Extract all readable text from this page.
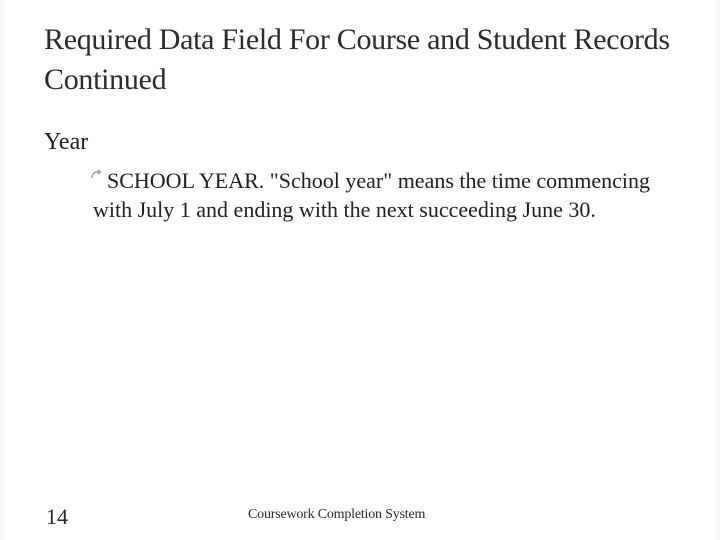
Required Data Field For Course and Student Records Continued
Year
SCHOOL YEAR. "School year" means the time commencing with July 1 and ending with the next succeeding June 30.
14	Coursework Completion System
